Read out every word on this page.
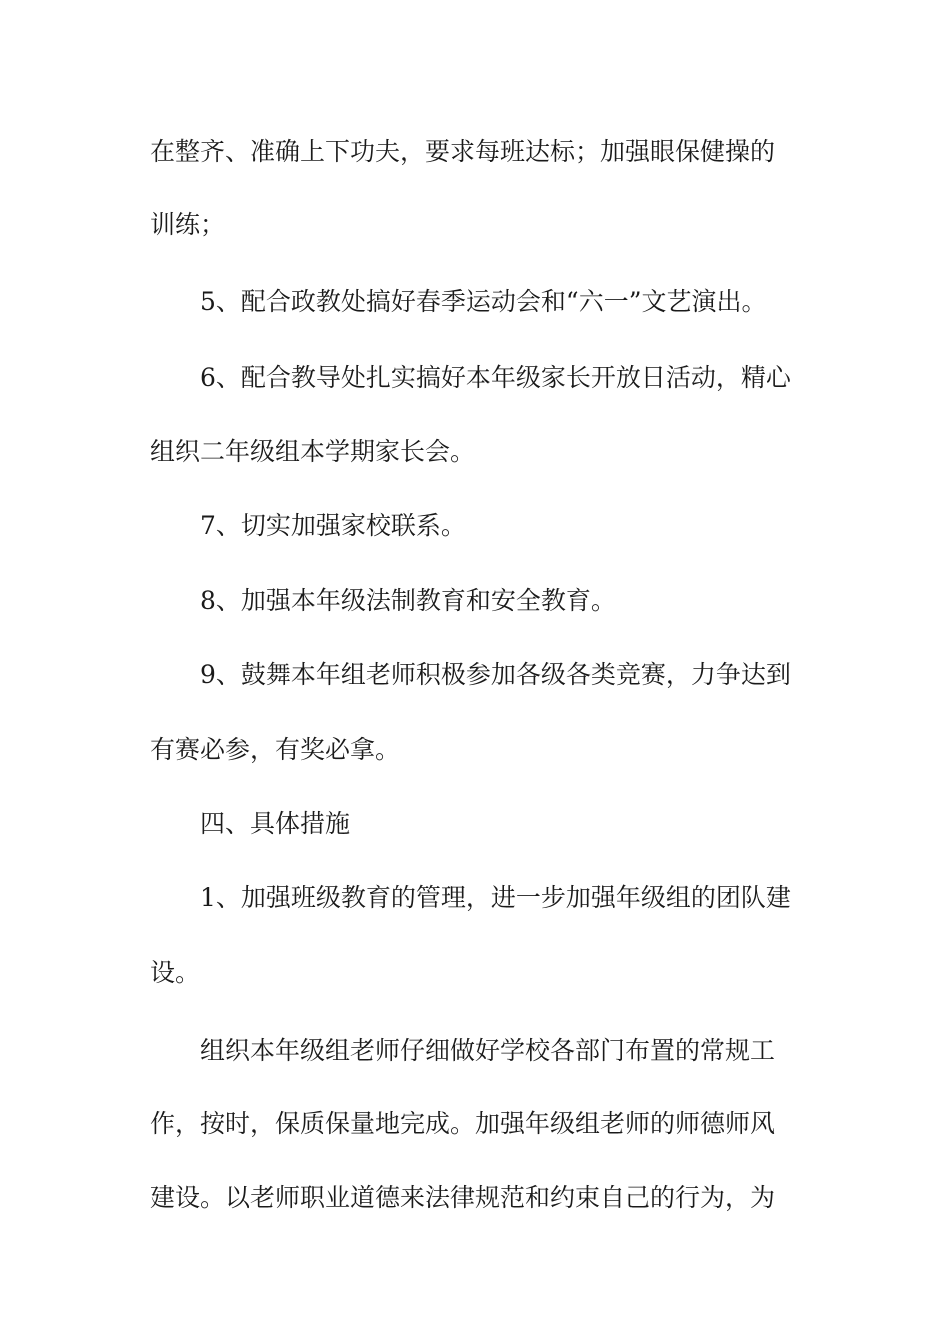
在整齐、准确上下功夫，要求每班达标；加强眼保健操的
训练；
5、配合政教处搞好春季运动会和“六一”文艺演出。
6、配合教导处扎实搞好本年级家长开放日活动，精心
组织二年级组本学期家长会。
7、切实加强家校联系。
8、加强本年级法制教育和安全教育。
9、鼓舞本年组老师积极参加各级各类竞赛，力争达到
有赛必参，有奖必拿。
四、具体措施
1、加强班级教育的管理，进一步加强年级组的团队建
设。
组织本年级组老师仔细做好学校各部门布置的常规工
作，按时，保质保量地完成。加强年级组老师的师德师风
建设。以老师职业道德来法律规范和约束自己的行为，为
